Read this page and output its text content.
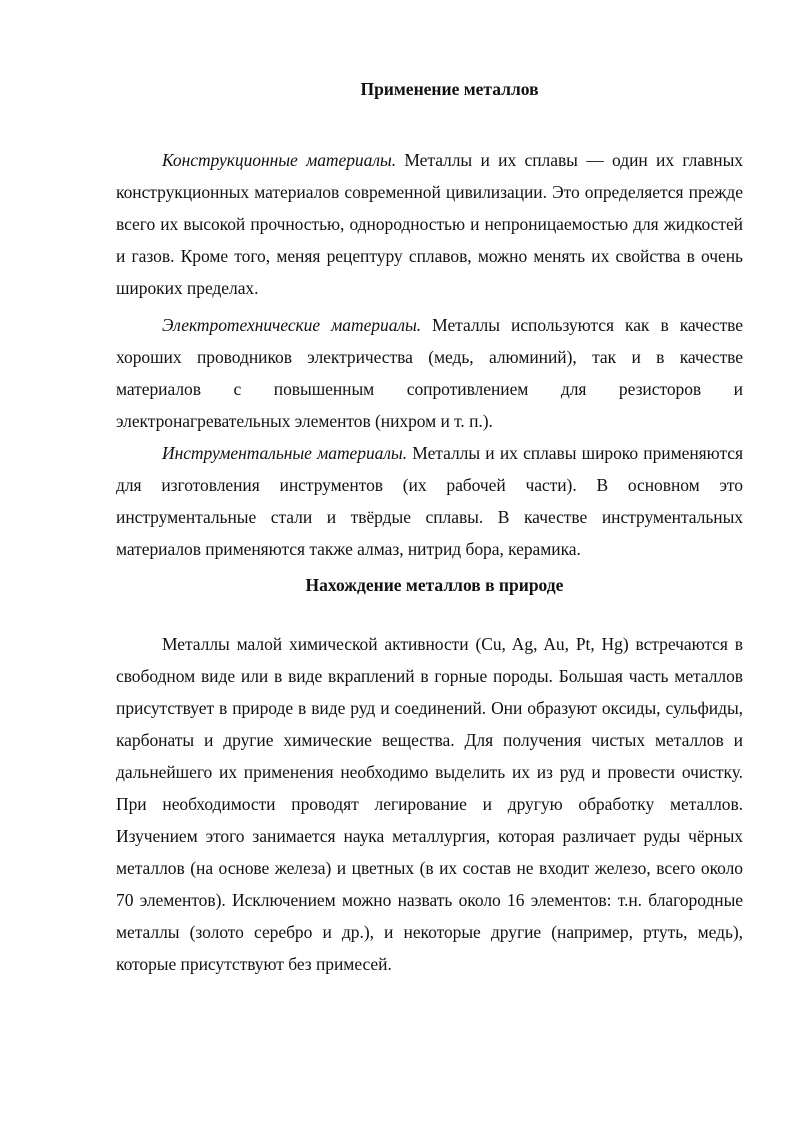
Применение металлов

Конструкционные материалы. Металлы и их сплавы — один их главных конструкционных материалов современной цивилизации. Это определяется прежде всего их высокой прочностью, однородностью и непроницаемостью для жидкостей и газов. Кроме того, меняя рецептуру сплавов, можно менять их свойства в очень широких пределах.

Электротехнические материалы. Металлы используются как в качестве хороших проводников электричества (медь, алюминий), так и в качестве материалов с повышенным сопротивлением для резисторов и электронагревательных элементов (нихром и т. п.).

Инструментальные материалы. Металлы и их сплавы широко применяются для изготовления инструментов (их рабочей части). В основном это инструментальные стали и твёрдые сплавы. В качестве инструментальных материалов применяются также алмаз, нитрид бора, керамика.

Нахождение металлов в природе

Металлы малой химической активности (Cu, Ag, Au, Pt, Hg) встречаются в свободном виде или в виде вкраплений в горные породы. Большая часть металлов присутствует в природе в виде руд и соединений. Они образуют оксиды, сульфиды, карбонаты и другие химические вещества. Для получения чистых металлов и дальнейшего их применения необходимо выделить их из руд и провести очистку. При необходимости проводят легирование и другую обработку металлов. Изучением этого занимается наука металлургия, которая различает руды чёрных металлов (на основе железа) и цветных (в их состав не входит железо, всего около 70 элементов). Исключением можно назвать около 16 элементов: т.н. благородные металлы (золото серебро и др.), и некоторые другие (например, ртуть, медь), которые присутствуют без примесей.
